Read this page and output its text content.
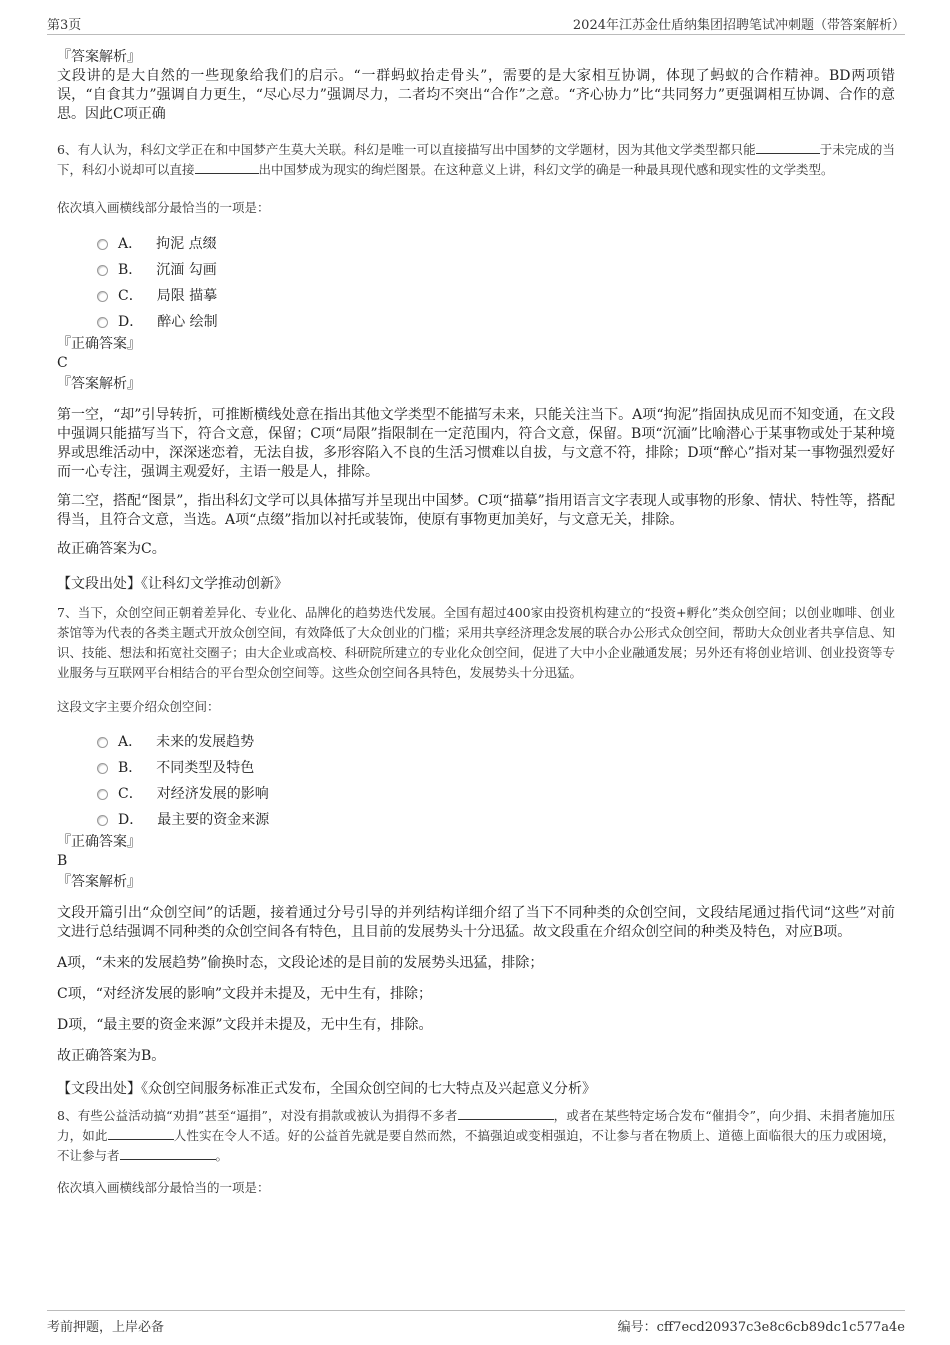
第3页	2024年江苏金仕盾纳集团招聘笔试冲刺题（带答案解析）

『答案解析』

文段讲的是大自然的一些现象给我们的启示。“一群蚂蚁抬走骨头”，需要的是大家相互协调，体现了蚂蚁的合作精神。BD两项错误，“自食其力”强调自力更生，“尽心尽力”强调尽力，二者均不突出“合作”之意。“齐心协力”比“共同努力”更强调相互协调、合作的意思。因此C项正确

6、有人认为，科幻文学正在和中国梦产生莫大关联。科幻是唯一可以直接描写出中国梦的文学题材，因为其他文学类型都只能	于未完成的当下，科幻小说却可以直接	出中国梦成为现实的绚烂图景。在这种意义上讲，科幻文学的确是一种最具现代感和现实性的文学类型。

依次填入画横线部分最恰当的一项是：

A． 拘泥 点缀
B． 沉湎 勾画
C． 局限 描摹
D． 醉心 绘制

『正确答案』

C

『答案解析』

第一空，“却”引导转折，可推断横线处意在指出其他文学类型不能描写未来，只能关注当下。A项“拘泥”指固执成见而不知变通，在文段中强调只能描写当下，符合文意，保留；C项“局限”指限制在一定范围内，符合文意，保留。B项“沉湎”比喻潜心于某事物或处于某种境界或思维活动中，深深迷恋着，无法自拔，多形容陷入不良的生活习惯难以自拔，与文意不符，排除；D项“醉心”指对某一事物强烈爱好而一心专注，强调主观爱好，主语一般是人，排除。

第二空，搭配“图景”，指出科幻文学可以具体描写并呈现出中国梦。C项“描摹”指用语言文字表现人或事物的形象、情状、特性等，搭配得当，且符合文意，当选。A项“点缀”指加以衬托或装饰，使原有事物更加美好，与文意无关，排除。

故正确答案为C。

【文段出处】《让科幻文学推动创新》

7、当下，众创空间正朝着差异化、专业化、品牌化的趋势迭代发展。全国有超过400家由投资机构建立的“投资+孵化”类众创空间；以创业咖啡、创业茶馆等为代表的各类主题式开放众创空间，有效降低了大众创业的门槛；采用共享经济理念发展的联合办公形式众创空间，帮助大众创业者共享信息、知识、技能、想法和拓宽社交圈子；由大企业或高校、科研院所建立的专业化众创空间，促进了大中小企业融通发展；另外还有将创业培训、创业投资等专业服务与互联网平台相结合的平台型众创空间等。这些众创空间各具特色，发展势头十分迅猛。

这段文字主要介绍众创空间：

A． 未来的发展趋势
B． 不同类型及特色
C． 对经济发展的影响
D． 最主要的资金来源

『正确答案』

B

『答案解析』

文段开篇引出“众创空间”的话题，接着通过分号引导的并列结构详细介绍了当下不同种类的众创空间，文段结尾通过指代词“这些”对前文进行总结强调不同种类的众创空间各有特色，且目前的发展势头十分迅猛。故文段重在介绍众创空间的种类及特色，对应B项。

A项，“未来的发展趋势”偷换时态，文段论述的是目前的发展势头迅猛，排除；

C项，“对经济发展的影响”文段并未提及，无中生有，排除；

D项，“最主要的资金来源”文段并未提及，无中生有，排除。

故正确答案为B。

【文段出处】《众创空间服务标准正式发布，全国众创空间的七大特点及兴起意义分析》

8、有些公益活动搞“劝捐”甚至“逼捐”，对没有捐款或被认为捐得不多者	，或者在某些特定场合发布“催捐令”，向少捐、未捐者施加压力，如此	人性实在令人不适。好的公益首先就是要自然而然，不搞强迫或变相强迫，不让参与者在物质上、道德上面临很大的压力或困境，不让参与者	。

依次填入画横线部分最恰当的一项是：

考前押题，上岸必备	编号：cff7ecd20937c3e8c6cb89dc1c577a4e
